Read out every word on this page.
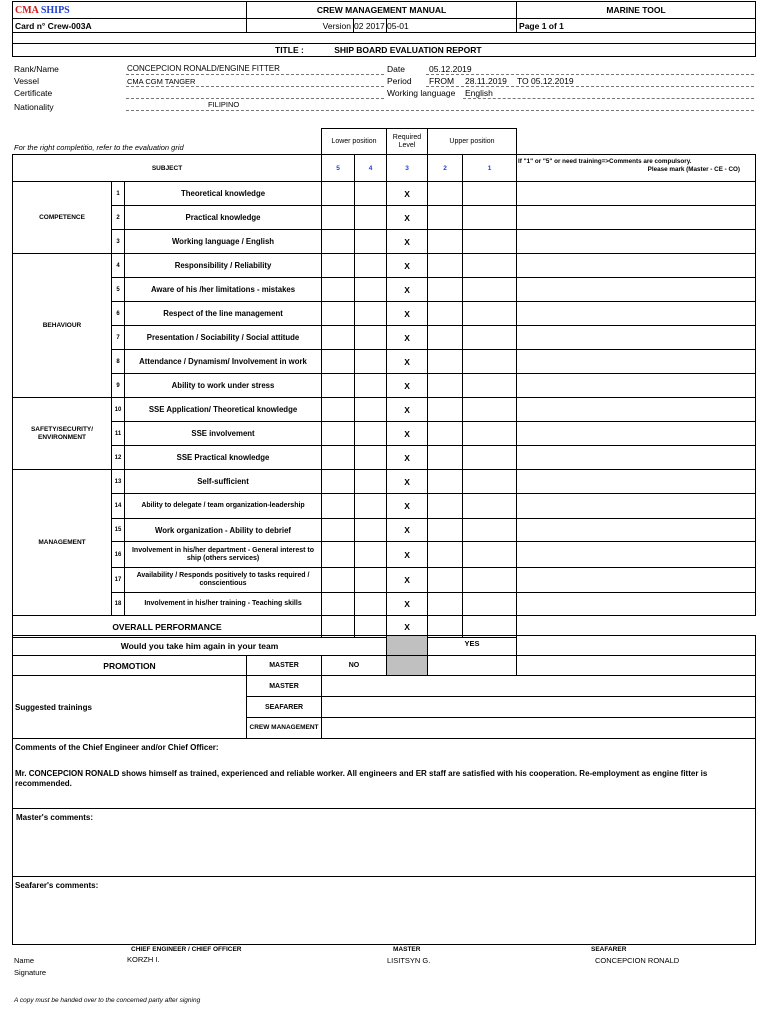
CMA SHIPS	CREW MANAGEMENT MANUAL			MARINE TOOL
Card n° Crew-003A	Version	02 2017	05-01	Page 1 of 1

TITLE : SHIP BOARD EVALUATION REPORT				
Rank/Name	CONCEPCION RONALD/ENGINE FITTER
Vessel	CMA CGM TANGER
Certificate
Nationality	FILIPINO
Date	05.12.2019
Period FROM 28.11.2019 TO 05.12.2019
Working language English
For the right completitio, refer to the evaluation grid
Lower position	Required Level	Upper position
SUBJECT			5	4	3	2	1	If "1" or "5" or need training=>Comments are compulsory.
Please mark (Master - CE - CO)

COMPETENCE	1	Theoretical knowledge			X			
	2	Practical knowledge			X			
	3	Working language / English			X			
BEHAVIOUR	4	Responsibility / Reliability			X			
	5	Aware of his /her limitations - mistakes			X			
	6	Respect of the line management			X			
	7	Presentation / Sociability / Social attitude			X			
	8	Attendance / Dynamism/ Involvement in work			X			
	9	Ability to work under stress			X			
SAFETY/SECURITY/ ENVIRONMENT	10	SSE Application/ Theoretical knowledge			X			
	11	SSE involvement			X			
	12	SSE Practical knowledge			X			
MANAGEMENT	13	Self-sufficient			X			
	14	Ability to delegate / team organization-leadership			X			
	15	Work organization - Ability to debrief			X			
	16	Involvement in his/her department - General interest to ship (others services)			X			
	17	Availability / Responds positively to tasks required / conscientious			X			
	18	Involvement in his/her training - Teaching skills			X			
OVERALL PERFORMANCE					X			
Would you take him again in your team				YES	
PROMOTION	MASTER	NO			
Suggested trainings	MASTER				
	SEAFARER				
	CREW MANAGEMENT				

Comments of the Chief Engineer and/or Chief Officer:
Mr. CONCEPCION RONALD shows himself as trained, experienced and reliable worker. All engineers and ER staff are satisfied with his cooperation. Re-employment as engine fitter is recommended.					

Master's comments:					

Seafarer's comments:					
CHIEF ENGINEER / CHIEF OFFICER	MASTER	SEAFARER
Name	KORZH I.	LISITSYN G.	CONCEPCION RONALD
Signature
A copy must be handed over to the concerned party after signing
